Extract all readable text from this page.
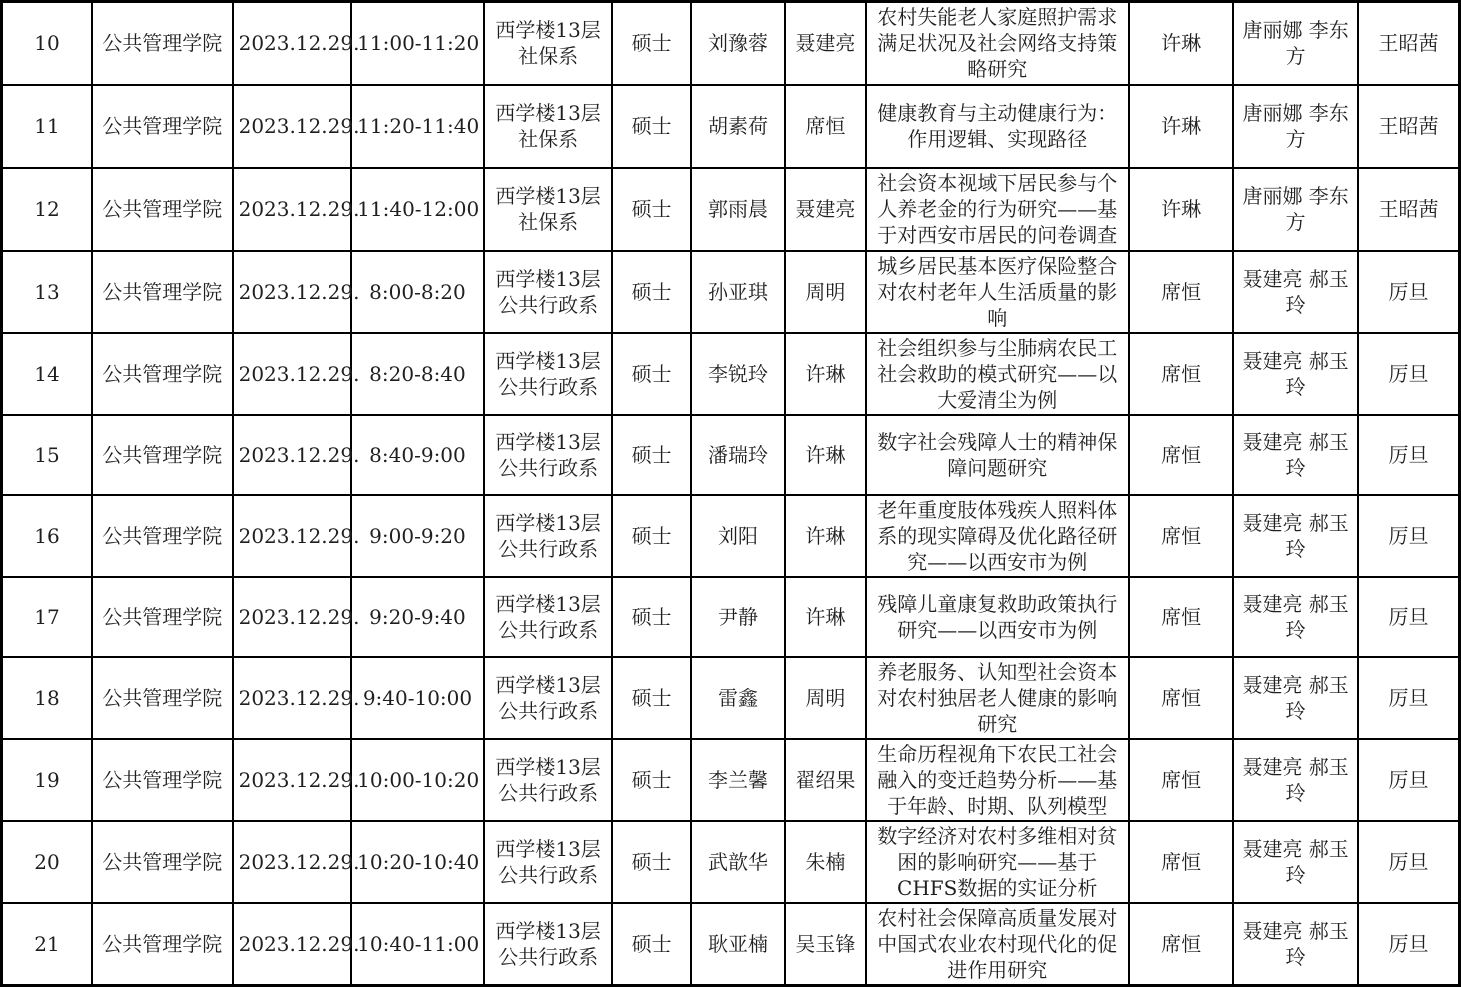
10	公共管理学院	2023.12.29.	11:00-11:20	西学楼13层社保系	硕士	刘豫蓉	聂建亮	农村失能老人家庭照护需求满足状况及社会网络支持策略研究	许琳	唐丽娜 李东方	王昭茜
11	公共管理学院	2023.12.29.	11:20-11:40	西学楼13层社保系	硕士	胡素荷	席恒	健康教育与主动健康行为：作用逻辑、实现路径	许琳	唐丽娜 李东方	王昭茜
12	公共管理学院	2023.12.29.	11:40-12:00	西学楼13层社保系	硕士	郭雨晨	聂建亮	社会资本视域下居民参与个人养老金的行为研究——基于对西安市居民的问卷调查	许琳	唐丽娜 李东方	王昭茜
13	公共管理学院	2023.12.29.	8:00-8:20	西学楼13层公共行政系	硕士	孙亚琪	周明	城乡居民基本医疗保险整合对农村老年人生活质量的影响	席恒	聂建亮 郝玉玲	厉旦
14	公共管理学院	2023.12.29.	8:20-8:40	西学楼13层公共行政系	硕士	李锐玲	许琳	社会组织参与尘肺病农民工社会救助的模式研究——以大爱清尘为例	席恒	聂建亮 郝玉玲	厉旦
15	公共管理学院	2023.12.29.	8:40-9:00	西学楼13层公共行政系	硕士	潘瑞玲	许琳	数字社会残障人士的精神保障问题研究	席恒	聂建亮 郝玉玲	厉旦
16	公共管理学院	2023.12.29.	9:00-9:20	西学楼13层公共行政系	硕士	刘阳	许琳	老年重度肢体残疾人照料体系的现实障碍及优化路径研究——以西安市为例	席恒	聂建亮 郝玉玲	厉旦
17	公共管理学院	2023.12.29.	9:20-9:40	西学楼13层公共行政系	硕士	尹静	许琳	残障儿童康复救助政策执行研究——以西安市为例	席恒	聂建亮 郝玉玲	厉旦
18	公共管理学院	2023.12.29.	9:40-10:00	西学楼13层公共行政系	硕士	雷鑫	周明	养老服务、认知型社会资本对农村独居老人健康的影响研究	席恒	聂建亮 郝玉玲	厉旦
19	公共管理学院	2023.12.29.	10:00-10:20	西学楼13层公共行政系	硕士	李兰馨	翟绍果	生命历程视角下农民工社会融入的变迁趋势分析——基于年龄、时期、队列模型	席恒	聂建亮 郝玉玲	厉旦
20	公共管理学院	2023.12.29.	10:20-10:40	西学楼13层公共行政系	硕士	武歆华	朱楠	数字经济对农村多维相对贫困的影响研究——基于CHFS数据的实证分析	席恒	聂建亮 郝玉玲	厉旦
21	公共管理学院	2023.12.29.	10:40-11:00	西学楼13层公共行政系	硕士	耿亚楠	吴玉锋	农村社会保障高质量发展对中国式农业农村现代化的促进作用研究	席恒	聂建亮 郝玉玲	厉旦
